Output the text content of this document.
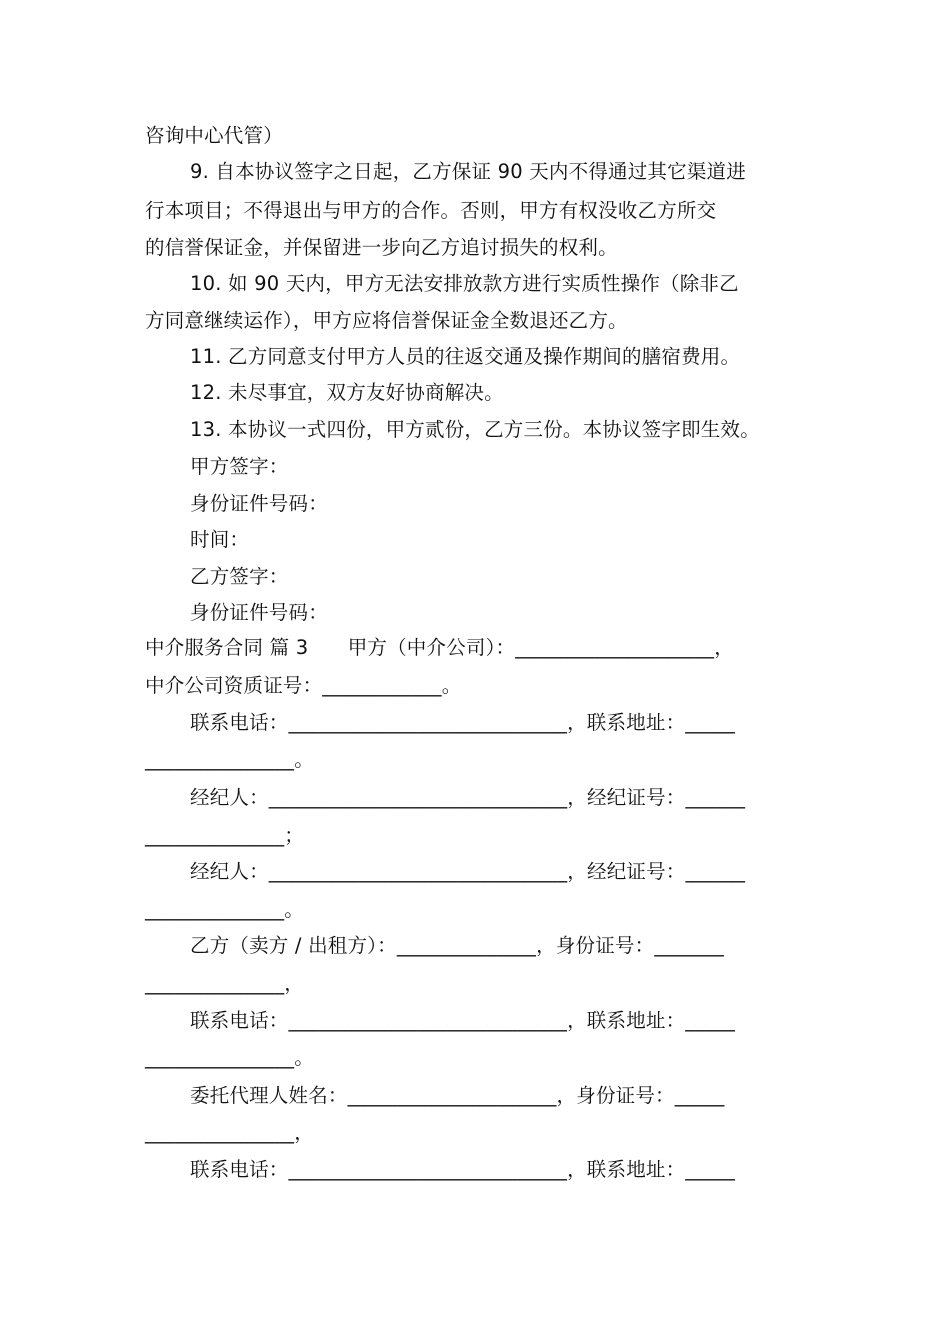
咨询中心代管）
9. 自本协议签字之日起，乙方保证 90 天内不得通过其它渠道进
行本项目；不得退出与甲方的合作。否则，甲方有权没收乙方所交
的信誉保证金，并保留进一步向乙方追讨损失的权利。
10. 如 90 天内，甲方无法安排放款方进行实质性操作（除非乙
方同意继续运作），甲方应将信誉保证金全数退还乙方。
11. 乙方同意支付甲方人员的往返交通及操作期间的膳宿费用。
12. 未尽事宜，双方友好协商解决。
13. 本协议一式四份，甲方贰份，乙方三份。本协议签字即生效。
甲方签字：
身份证件号码：
时间：
乙方签字：
身份证件号码：
中介服务合同 篇 3　　甲方（中介公司）：____________________，
中介公司资质证号：____________。
联系电话：____________________________，联系地址：_____
_______________。
经纪人：______________________________，经纪证号：______
______________；
经纪人：______________________________，经纪证号：______
______________。
乙方（卖方 / 出租方）：______________，身份证号：_______
______________，
联系电话：____________________________，联系地址：_____
_______________。
委托代理人姓名：_____________________，身份证号：_____
_______________，
联系电话：____________________________，联系地址：_____
